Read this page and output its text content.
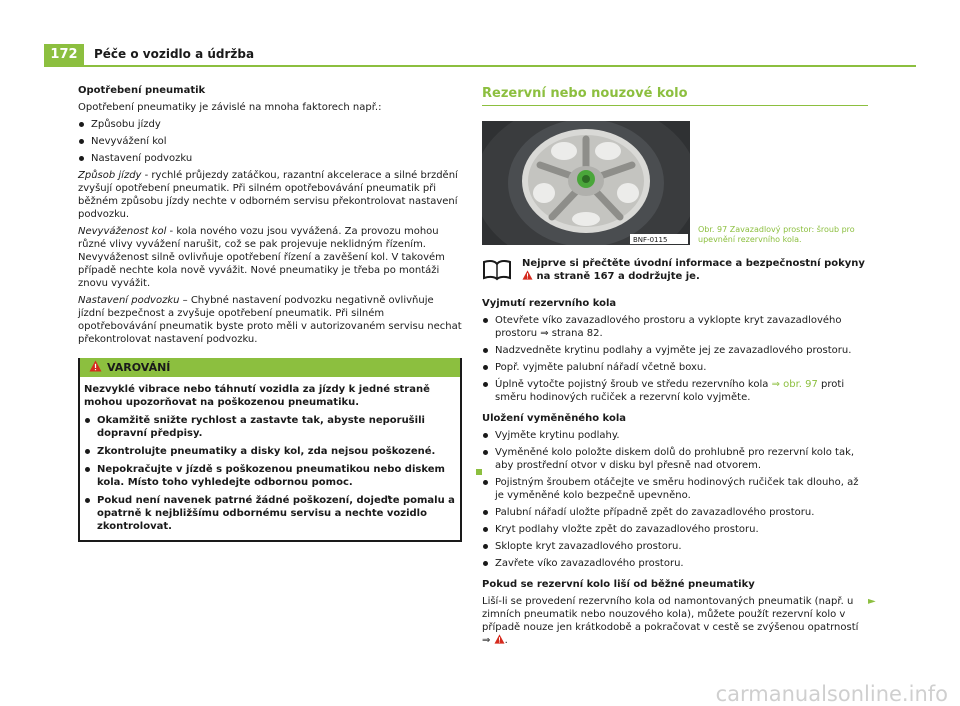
172	Péče o vozidlo a údržba

Opotřebení pneumatik

Opotřebení pneumatiky je závislé na mnoha faktorech např.:

Způsobu jízdy
Nevyvážení kol
Nastavení podvozku

Způsob jízdy - rychlé průjezdy zatáčkou, razantní akcelerace a silné brzdění zvyšují opotřebení pneumatik. Při silném opotřebovávání pneumatik při běžném způsobu jízdy nechte v odborném servisu překontrolovat nastavení podvozku.

Nevyváženost kol - kola nového vozu jsou vyvážená. Za provozu mohou různé vlivy vyvážení narušit, což se pak projevuje neklidným řízením. Nevyváženost silně ovlivňuje opotřebení řízení a zavěšení kol. V takovém případě nechte kola nově vyvážit. Nové pneumatiky je třeba po montáži znovu vyvážit.

Nastavení podvozku – Chybné nastavení podvozku negativně ovlivňuje jízdní bezpečnost a zvyšuje opotřebení pneumatik. Při silném opotřebovávání pneumatik byste proto měli v autorizovaném servisu nechat překontrolovat nastavení podvozku.

VAROVÁNÍ

Nezvyklé vibrace nebo táhnutí vozidla za jízdy k jedné straně mohou upozorňovat na poškozenou pneumatiku.

Okamžitě snižte rychlost a zastavte tak, abyste neporušili dopravní předpisy.
Zkontrolujte pneumatiky a disky kol, zda nejsou poškozené.
Nepokračujte v jízdě s poškozenou pneumatikou nebo diskem kola. Místo toho vyhledejte odbornou pomoc.
Pokud není navenek patrné žádné poškození, dojeďte pomalu a opatrně k nejbližšímu odbornému servisu a nechte vozidlo zkontrolovat.
Rezervní nebo nouzové kolo
BNF-0115
Obr. 97 Zavazadlový prostor: šroub pro upevnění rezervního kola.
Nejprve si přečtěte úvodní informace a bezpečnostní pokyny  na straně 167 a dodržujte je.

Vyjmutí rezervního kola

Otevřete víko zavazadlového prostoru a vyklopte kryt zavazadlového prostoru ⇒ strana 82.
Nadzvedněte krytinu podlahy a vyjměte jej ze zavazadlového prostoru.
Popř. vyjměte palubní nářadí včetně boxu.
Úplně vytočte pojistný šroub ve středu rezervního kola ⇒ obr. 97 proti směru hodinových ručiček a rezervní kolo vyjměte.

Uložení vyměněného kola

Vyjměte krytinu podlahy.
Vyměněné kolo položte diskem dolů do prohlubně pro rezervní kolo tak, aby prostřední otvor v disku byl přesně nad otvorem.
Pojistným šroubem otáčejte ve směru hodinových ručiček tak dlouho, až je vyměněné kolo bezpečně upevněno.
Palubní nářadí uložte případně zpět do zavazadlového prostoru.
Kryt podlahy vložte zpět do zavazadlového prostoru.
Sklopte kryt zavazadlového prostoru.
Zavřete víko zavazadlového prostoru.

Pokud se rezervní kolo liší od běžné pneumatiky

Liší-li se provedení rezervního kola od namontovaných pneumatik (např. u zimních pneumatik nebo nouzového kola), můžete použít rezervní kolo v případě nouze jen krátkodobě a pokračovat v cestě se zvýšenou opatrností ⇒ .

►
carmanualsonline.info
